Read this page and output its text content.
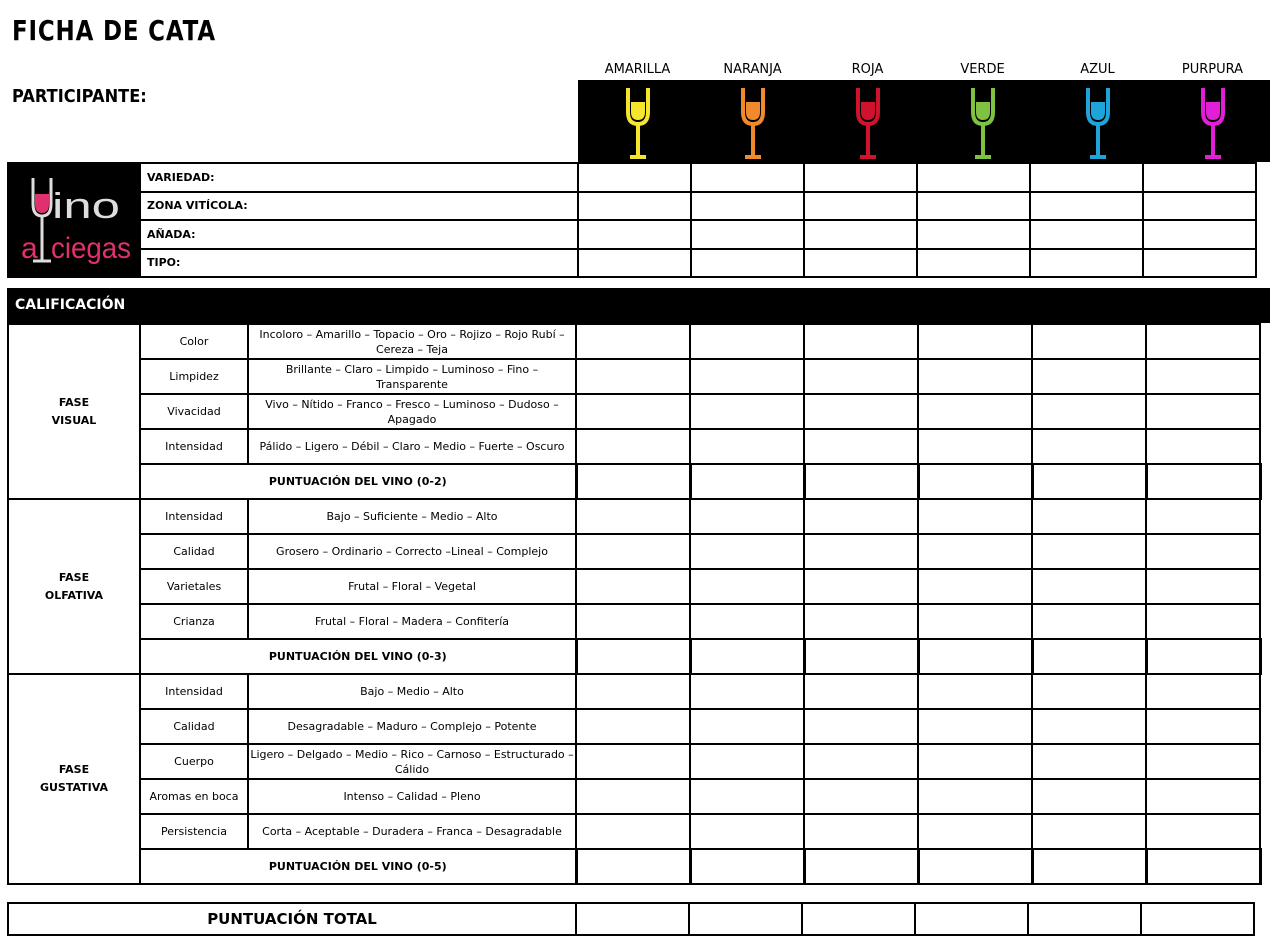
FICHA DE CATA
PARTICIPANTE:
AMARILLA	NARANJA	ROJA	VERDE	AZUL	PURPURA
ino
a ciegas	VARIEDAD:						
	ZONA VITÍCOLA:						
	AÑADA:						
	TIPO:						
CALIFICACIÓN
FASE
VISUAL	Color	Incoloro – Amarillo – Topacio – Oro – Rojizo – Rojo Rubí – Cereza – Teja						
	Limpidez	Brillante – Claro – Limpido – Luminoso – Fino – Transparente						
	Vivacidad	Vivo – Nítido – Franco – Fresco – Luminoso – Dudoso – Apagado						
	Intensidad	Pálido – Ligero – Débil – Claro – Medio – Fuerte – Oscuro						
	PUNTUACIÓN DEL VINO (0-2)							
FASE
OLFATIVA	Intensidad	Bajo – Suficiente – Medio – Alto						
	Calidad	Grosero – Ordinario – Correcto –Lineal – Complejo						
	Varietales	Frutal – Floral – Vegetal						
	Crianza	Frutal – Floral – Madera – Confitería						
	PUNTUACIÓN DEL VINO (0-3)							
FASE
GUSTATIVA	Intensidad	Bajo – Medio – Alto						
	Calidad	Desagradable – Maduro – Complejo – Potente						
	Cuerpo	Ligero – Delgado – Medio – Rico – Carnoso – Estructurado – Cálido						
	Aromas en boca	Intenso – Calidad – Pleno						
	Persistencia	Corta – Aceptable – Duradera – Franca – Desagradable						
	PUNTUACIÓN DEL VINO (0-5)							
PUNTUACIÓN TOTAL						
